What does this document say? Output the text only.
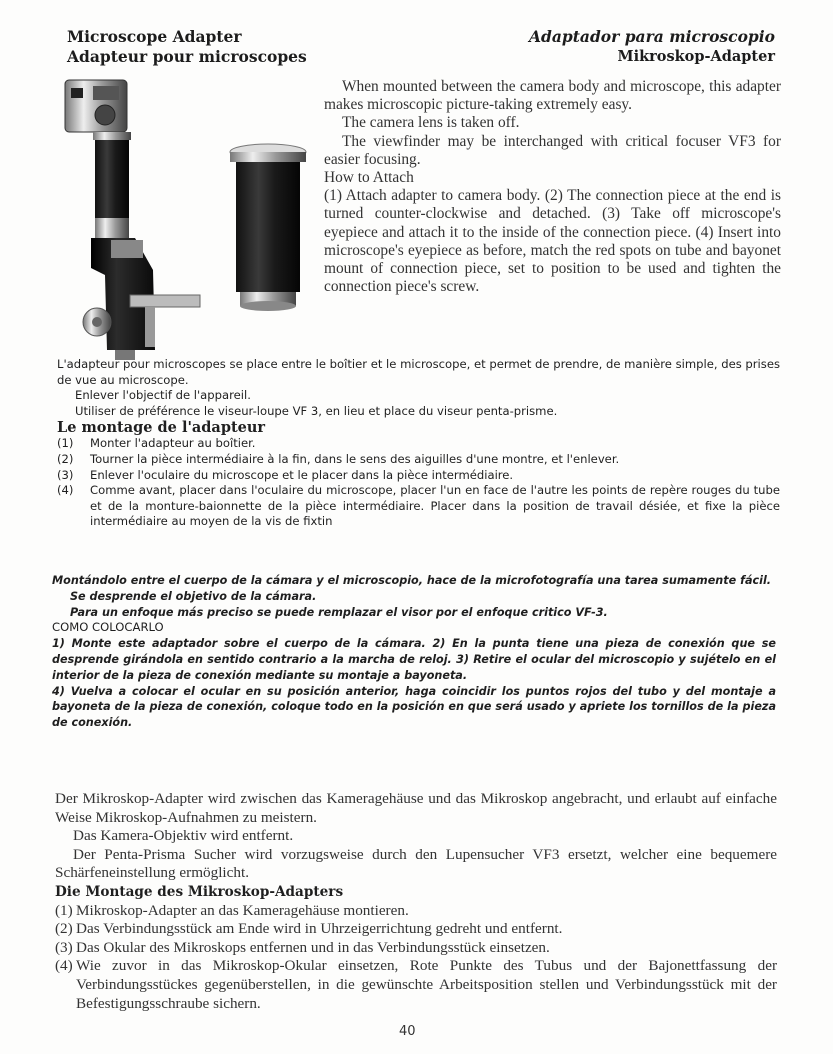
Microscope Adapter
Adapteur pour microscopes
Adaptador para microscopio
Mikroskop-Adapter

When mounted between the camera body and microscope, this adapter makes microscopic picture-taking extremely easy.

The camera lens is taken off.

The viewfinder may be interchanged with critical focuser VF3 for easier focusing.

How to Attach

(1) Attach adapter to camera body. (2) The connection piece at the end is turned counter-clockwise and detached. (3) Take off microscope's eyepiece and attach it to the inside of the connection piece. (4) Insert into microscope's eyepiece as before, match the red spots on tube and bayonet mount of connection piece, set to position to be used and tighten the connection piece's screw.

L'adapteur pour microscopes se place entre le boîtier et le microscope, et permet de prendre, de manière simple, des prises de vue au microscope.

Enlever l'objectif de l'appareil.

Utiliser de préférence le viseur-loupe VF 3, en lieu et place du viseur penta-prisme.

Le montage de l'adapteur

(1)	Monter l'adapteur au boîtier.
(2)	Tourner la pièce intermédiaire à la fin, dans le sens des aiguilles d'une montre, et l'enlever.
(3)	Enlever l'oculaire du microscope et le placer dans la pièce intermédiaire.
(4)	Comme avant, placer dans l'oculaire du microscope, placer l'un en face de l'autre les points de repère rouges du tube et de la monture-baionnette de la pièce intermédiaire. Placer dans la position de travail désiée, et fixe la pièce intermédiaire au moyen de la vis de fixtin

Montándolo entre el cuerpo de la cámara y el microscopio, hace de la microfotografía una tarea sumamente fácil.

Se desprende el objetivo de la cámara.

Para un enfoque más preciso se puede remplazar el visor por el enfoque critico VF-3.

COMO COLOCARLO

1) Monte este adaptador sobre el cuerpo de la cámara. 2) En la punta tiene una pieza de conexión que se desprende girándola en sentido contrario a la marcha de reloj. 3) Retire el ocular del microscopio y sujételo en el interior de la pieza de conexión mediante su montaje a bayoneta.

4) Vuelva a colocar el ocular en su posición anterior, haga coincidir los puntos rojos del tubo y del montaje a bayoneta de la pieza de conexión, coloque todo en la posición en que será usado y apriete los tornillos de la pieza de conexión.

Der Mikroskop-Adapter wird zwischen das Kameragehäuse und das Mikroskop angebracht, und erlaubt auf einfache Weise Mikroskop-Aufnahmen zu meistern.

Das Kamera-Objektiv wird entfernt.

Der Penta-Prisma Sucher wird vorzugsweise durch den Lupensucher VF3 ersetzt, welcher eine bequemere Schärfeneinstellung ermöglicht.

Die Montage des Mikroskop-Adapters

(1) Mikroskop-Adapter an das Kameragehäuse montieren.
(2) Das Verbindungsstück am Ende wird in Uhrzeigerrichtung gedreht und entfernt.
(3) Das Okular des Mikroskops entfernen und in das Verbindungsstück einsetzen.
(4) Wie zuvor in das Mikroskop-Okular einsetzen, Rote Punkte des Tubus und der Bajonettfassung der Verbindungsstückes gegenüberstellen, in die gewünschte Arbeitsposition stellen und Verbindungsstück mit der Befestigungsschraube sichern.
40
